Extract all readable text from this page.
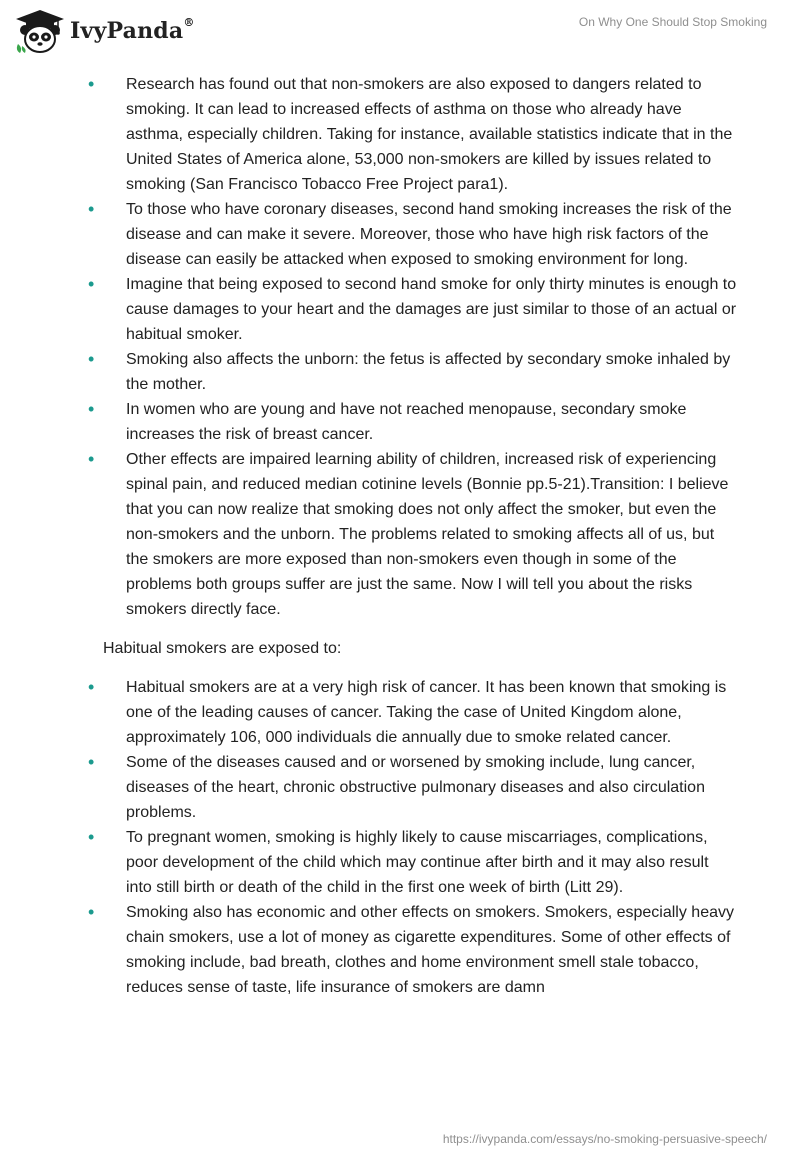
IvyPanda®	On Why One Should Stop Smoking
• Research has found out that non-smokers are also exposed to dangers related to smoking. It can lead to increased effects of asthma on those who already have asthma, especially children. Taking for instance, available statistics indicate that in the United States of America alone, 53,000 non-smokers are killed by issues related to smoking (San Francisco Tobacco Free Project para1).
• To those who have coronary diseases, second hand smoking increases the risk of the disease and can make it severe. Moreover, those who have high risk factors of the disease can easily be attacked when exposed to smoking environment for long.
• Imagine that being exposed to second hand smoke for only thirty minutes is enough to cause damages to your heart and the damages are just similar to those of an actual or habitual smoker.
• Smoking also affects the unborn: the fetus is affected by secondary smoke inhaled by the mother.
• In women who are young and have not reached menopause, secondary smoke increases the risk of breast cancer.
• Other effects are impaired learning ability of children, increased risk of experiencing spinal pain, and reduced median cotinine levels (Bonnie pp.5-21).Transition: I believe that you can now realize that smoking does not only affect the smoker, but even the non-smokers and the unborn. The problems related to smoking affects all of us, but the smokers are more exposed than non-smokers even though in some of the problems both groups suffer are just the same. Now I will tell you about the risks smokers directly face.

Habitual smokers are exposed to:

• Habitual smokers are at a very high risk of cancer. It has been known that smoking is one of the leading causes of cancer. Taking the case of United Kingdom alone, approximately 106, 000 individuals die annually due to smoke related cancer.
• Some of the diseases caused and or worsened by smoking include, lung cancer, diseases of the heart, chronic obstructive pulmonary diseases and also circulation problems.
• To pregnant women, smoking is highly likely to cause miscarriages, complications, poor development of the child which may continue after birth and it may also result into still birth or death of the child in the first one week of birth (Litt 29).
• Smoking also has economic and other effects on smokers. Smokers, especially heavy chain smokers, use a lot of money as cigarette expenditures. Some of other effects of smoking include, bad breath, clothes and home environment smell stale tobacco, reduces sense of taste, life insurance of smokers are damn
https://ivypanda.com/essays/no-smoking-persuasive-speech/
